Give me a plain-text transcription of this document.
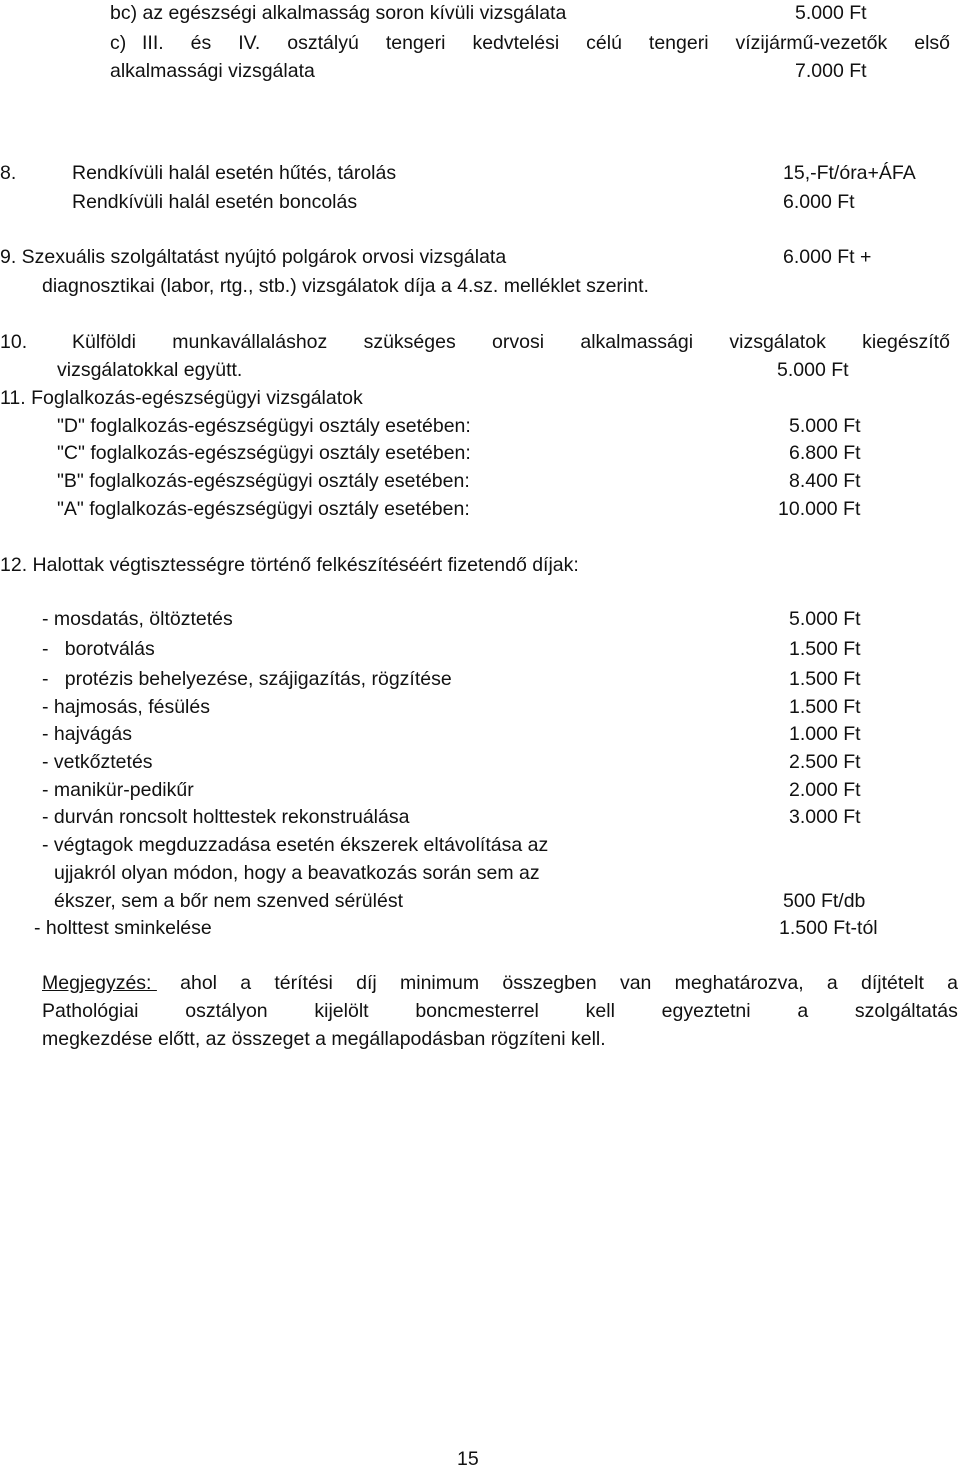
bc) az egészségi alkalmasság soron kívüli vizsgálata	5.000 Ft
c) III. és IV. osztályú tengeri kedvtelési célú tengeri vízijármű-vezetők első
alkalmassági vizsgálata	7.000 Ft
8.	Rendkívüli halál esetén hűtés, tárolás	15,-Ft/óra+ÁFA
Rendkívüli halál esetén boncolás	6.000 Ft
9. Szexuális szolgáltatást nyújtó polgárok orvosi vizsgálata	6.000 Ft +
diagnosztikai (labor, rtg., stb.) vizsgálatok díja a 4.sz. melléklet szerint.
10. Külföldi munkavállaláshoz szükséges orvosi alkalmassági vizsgálatok kiegészítő
vizsgálatokkal együtt.	5.000 Ft
11. Foglalkozás-egészségügyi vizsgálatok
"D" foglalkozás-egészségügyi osztály esetében:	5.000 Ft
"C" foglalkozás-egészségügyi osztály esetében:	6.800 Ft
"B" foglalkozás-egészségügyi osztály esetében:	8.400 Ft
"A" foglalkozás-egészségügyi osztály esetében:	10.000 Ft
12. Halottak végtisztességre történő felkészítéséért fizetendő díjak:
- mosdatás, öltöztetés	5.000 Ft
-   borotválás	1.500 Ft
-   protézis behelyezése, szájigazítás, rögzítése	1.500 Ft
- hajmosás, fésülés	1.500 Ft
- hajvágás	1.000 Ft
- vetkőztetés	2.500 Ft
- manikür-pedikűr	2.000 Ft
- durván roncsolt holttestek rekonstruálása	3.000 Ft
- végtagok megduzzadása esetén ékszerek eltávolítása az
ujjakról olyan módon, hogy a beavatkozás során sem az
ékszer, sem a bőr nem szenved sérülést	500 Ft/db
- holttest sminkelése	1.500 Ft-tól
Megjegyzés: ahol a térítési díj minimum összegben van meghatározva, a díjtételt a
Pathológiai osztályon kijelölt boncmesterrel kell egyeztetni a szolgáltatás
megkezdése előtt, az összeget a megállapodásban rögzíteni kell.
15
